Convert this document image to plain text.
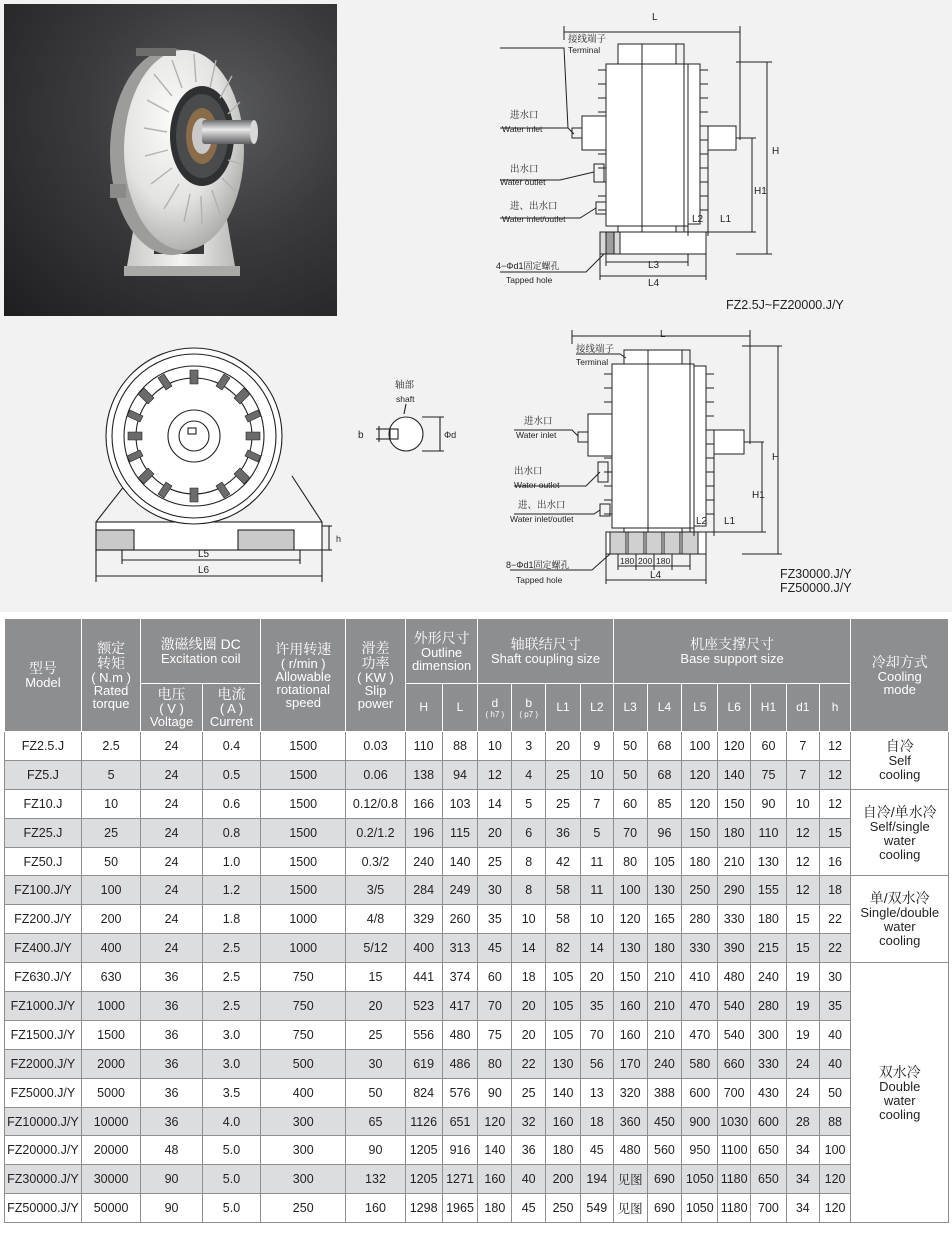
L
接线端子
Terminal
进水口
Water inlet
出水口
Water outlet
进、出水口
Water inlet/outlet
4−Φd1固定螺孔
Tapped hole
H
H1
L1
L2
L3
L4
FZ2.5J~FZ20000.J/Y
轴部
shaft
b	Φd
h
L5
L6
L
接线端子
Terminal
进水口
Water inlet
出水口
Water outlet
进、出水口
Water inlet/outlet
8−Φd1固定螺孔
Tapped hole
H
H1
L1
L2
180 200 180
L4	FZ30000.J/Y
FZ50000.J/Y
型号
Model	额定转矩
( N.m )
Rated torque	激磁线圈 DC
Excitation coil		许用转速
( r/min )
Allowable rotational speed	滑差功率
( KW )
Slip power	外形尺寸
Outline dimension		轴联结尺寸
Shaft coupling size				机座支撑尺寸
Base support size							冷却方式
Cooling mode

		电压
( V )
Voltage	电流
( A )
Current			H	L	d
( h7 )	b
( p7 )	L1	L2	L3	L4	L5	L6	H1	d1	h	
FZ2.5.J	2.5	24	0.4	1500	0.03	110	88	10	3	20	9	50	68	100	120	60	7	12	自冷
Self
cooling

FZ5.J	5	24	0.5	1500	0.06	138	94	12	4	25	10	50	68	120	140	75	7	12	
FZ10.J	10	24	0.6	1500	0.12/0.8	166	103	14	5	25	7	60	85	120	150	90	10	12	自冷/单水冷
Self/single
water
cooling

FZ25.J	25	24	0.8	1500	0.2/1.2	196	115	20	6	36	5	70	96	150	180	110	12	15	
FZ50.J	50	24	1.0	1500	0.3/2	240	140	25	8	42	11	80	105	180	210	130	12	16	
FZ100.J/Y	100	24	1.2	1500	3/5	284	249	30	8	58	11	100	130	250	290	155	12	18	单/双水冷
Single/double
water
cooling

FZ200.J/Y	200	24	1.8	1000	4/8	329	260	35	10	58	10	120	165	280	330	180	15	22	
FZ400.J/Y	400	24	2.5	1000	5/12	400	313	45	14	82	14	130	180	330	390	215	15	22	
FZ630.J/Y	630	36	2.5	750	15	441	374	60	18	105	20	150	210	410	480	240	19	30	双水冷
Double
water
cooling

FZ1000.J/Y	1000	36	2.5	750	20	523	417	70	20	105	35	160	210	470	540	280	19	35	
FZ1500.J/Y	1500	36	3.0	750	25	556	480	75	20	105	70	160	210	470	540	300	19	40	
FZ2000.J/Y	2000	36	3.0	500	30	619	486	80	22	130	56	170	240	580	660	330	24	40	
FZ5000.J/Y	5000	36	3.5	400	50	824	576	90	25	140	13	320	388	600	700	430	24	50	
FZ10000.J/Y	10000	36	4.0	300	65	1126	651	120	32	160	18	360	450	900	1030	600	28	88	
FZ20000.J/Y	20000	48	5.0	300	90	1205	916	140	36	180	45	480	560	950	1100	650	34	100	
FZ30000.J/Y	30000	90	5.0	300	132	1205	1271	160	40	200	194	见图	690	1050	1180	650	34	120	
FZ50000.J/Y	50000	90	5.0	250	160	1298	1965	180	45	250	549	见图	690	1050	1180	700	34	120	
